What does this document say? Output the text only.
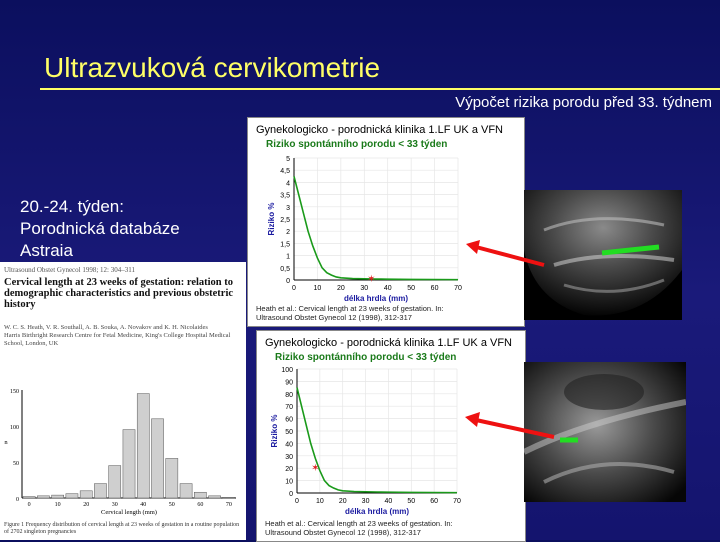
Ultrazvuková cervikometrie
Výpočet rizika porodu před 33. týdnem
20.-24. týden:
Porodnická databáze
Astraia
Ultrasound Obstet Gynecol 1998; 12: 304–311
Cervical length at 23 weeks of gestation: relation to demographic characteristics and previous obstetric history
W. C. S. Heath, V. R. Southall, A. B. Souka, A. Novakov and K. H. Nicolaides
Harris Birthright Research Centre for Fetal Medicine, King's College Hospital Medical School, London, UK
0
50
100
150
0	10	20	30	40	50	60	70
Cervical length (mm)
n
Figure 1 Frequency distribution of cervical length at 23 weeks of gestation in a routine population of 2702 singleton pregnancies
Gynekologicko - porodnická klinika 1.LF UK a VFN
Riziko spontánního porodu < 33 týden
0
0,5
1
1,5
2
2,5
3
3,5
4
4,5
5
0	10 20 30 40 50 60 70
✶
délka hrdla (mm)
Riziko %
Heath et al.: Cervical length at 23 weeks of gestation. In:
Ultrasound Obstet Gynecol 12 (1998), 312-317
Gynekologicko - porodnická klinika 1.LF UK a VFN
Riziko spontánního porodu < 33 týden
0
10
20
30
40
50
60
70
80
90
100
0 10 20 30 40 50 60 70
✶
délka hrdla (mm)
Riziko %
Heath et al.: Cervical length at 23 weeks of gestation. In:
Ultrasound Obstet Gynecol 12 (1998), 312-317
